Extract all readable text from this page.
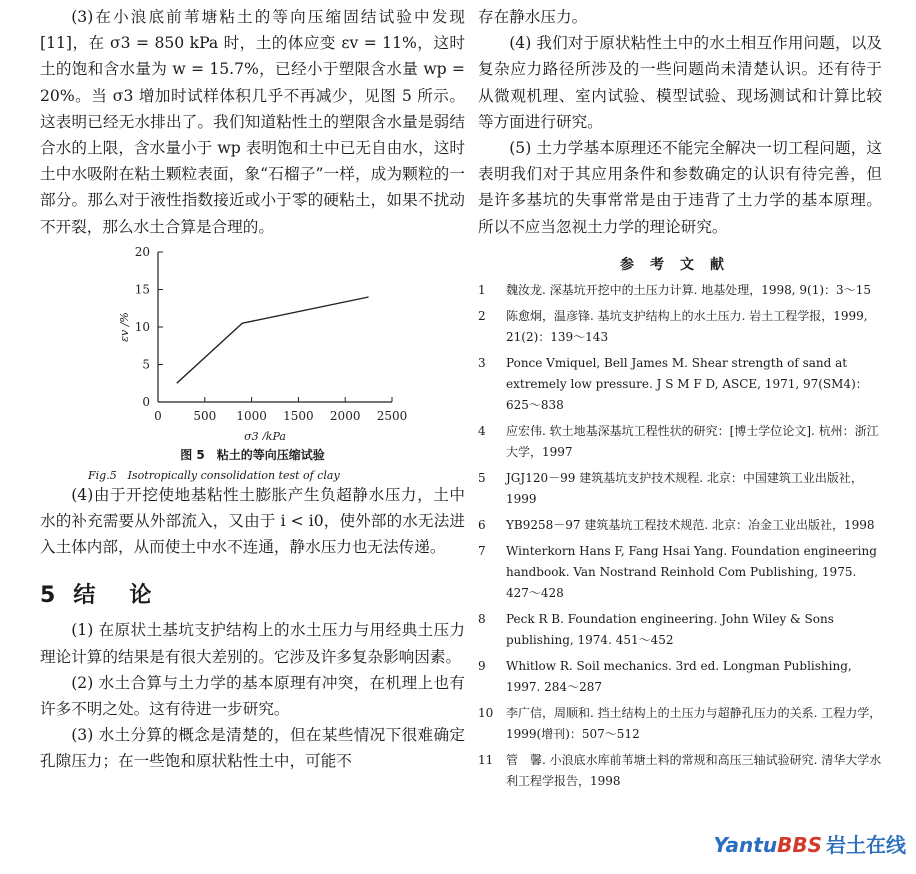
(3)在小浪底前苇塘粘土的等向压缩固结试验中发现[11]，在 σ3 = 850 kPa 时，土的体应变 εv = 11%，这时土的饱和含水量为 w = 15.7%，已经小于塑限含水量 wp = 20%。当 σ3 增加时试样体积几乎不再减少，见图 5 所示。这表明已经无水排出了。我们知道粘性土的塑限含水量是弱结合水的上限，含水量小于 wp 表明饱和土中已无自由水，这时土中水吸附在粘土颗粒表面，象“石榴子”一样，成为颗粒的一部分。那么对于液性指数接近或小于零的硬粘土，如果不扰动不开裂，那么水土合算是合理的。

0
5
10
15
20
0	500 1000 1500 2000 2500
σ3 /kPa
εv /%
图 5　粘土的等向压缩试验
Fig.5　Isotropically consolidation test of clay

(4)由于开挖使地基粘性土膨胀产生负超静水压力，土中水的补充需要从外部流入，又由于 i < i0，使外部的水无法进入土体内部，从而使土中水不连通，静水压力也无法传递。

5 结论

(1) 在原状土基坑支护结构上的水土压力与用经典土压力理论计算的结果是有很大差别的。它涉及许多复杂影响因素。

(2) 水土合算与土力学的基本原理有冲突，在机理上也有许多不明之处。这有待进一步研究。

(3) 水土分算的概念是清楚的，但在某些情况下很难确定孔隙压力；在一些饱和原状粘性土中，可能不

存在静水压力。

(4) 我们对于原状粘性土中的水土相互作用问题，以及复杂应力路径所涉及的一些问题尚未清楚认识。还有待于从微观机理、室内试验、模型试验、现场测试和计算比较等方面进行研究。

(5) 土力学基本原理还不能完全解决一切工程问题，这表明我们对于其应用条件和参数确定的认识有待完善，但是许多基坑的失事常常是由于违背了土力学的基本原理。所以不应当忽视土力学的理论研究。

参考文献
1 魏汝龙. 深基坑开挖中的土压力计算. 地基处理，1998, 9(1)：3～15
2 陈愈炯，温彦锋. 基坑支护结构上的水土压力. 岩土工程学报，1999, 21(2)：139～143
3 Ponce Vmiquel, Bell James M. Shear strength of sand at extremely low pressure. J S M F D, ASCE, 1971, 97(SM4)：625～838
4 应宏伟. 软土地基深基坑工程性状的研究：[博士学位论文]. 杭州：浙江大学，1997
5 JGJ120－99 建筑基坑支护技术规程. 北京：中国建筑工业出版社，1999
6 YB9258－97 建筑基坑工程技术规范. 北京：冶金工业出版社，1998
7 Winterkorn Hans F, Fang Hsai Yang. Foundation engineering handbook. Van Nostrand Reinhold Com Publishing, 1975. 427～428
8 Peck R B. Foundation engineering. John Wiley & Sons publishing, 1974. 451～452
9 Whitlow R. Soil mechanics. 3rd ed. Longman Publishing, 1997. 284～287
10 李广信，周顺和. 挡土结构上的土压力与超静孔压力的关系. 工程力学，1999(增刊)：507～512
11 管　馨. 小浪底水库前苇塘土料的常规和高压三轴试验研究. 清华大学水利工程学报告，1998
YantuBBS 岩土在线
